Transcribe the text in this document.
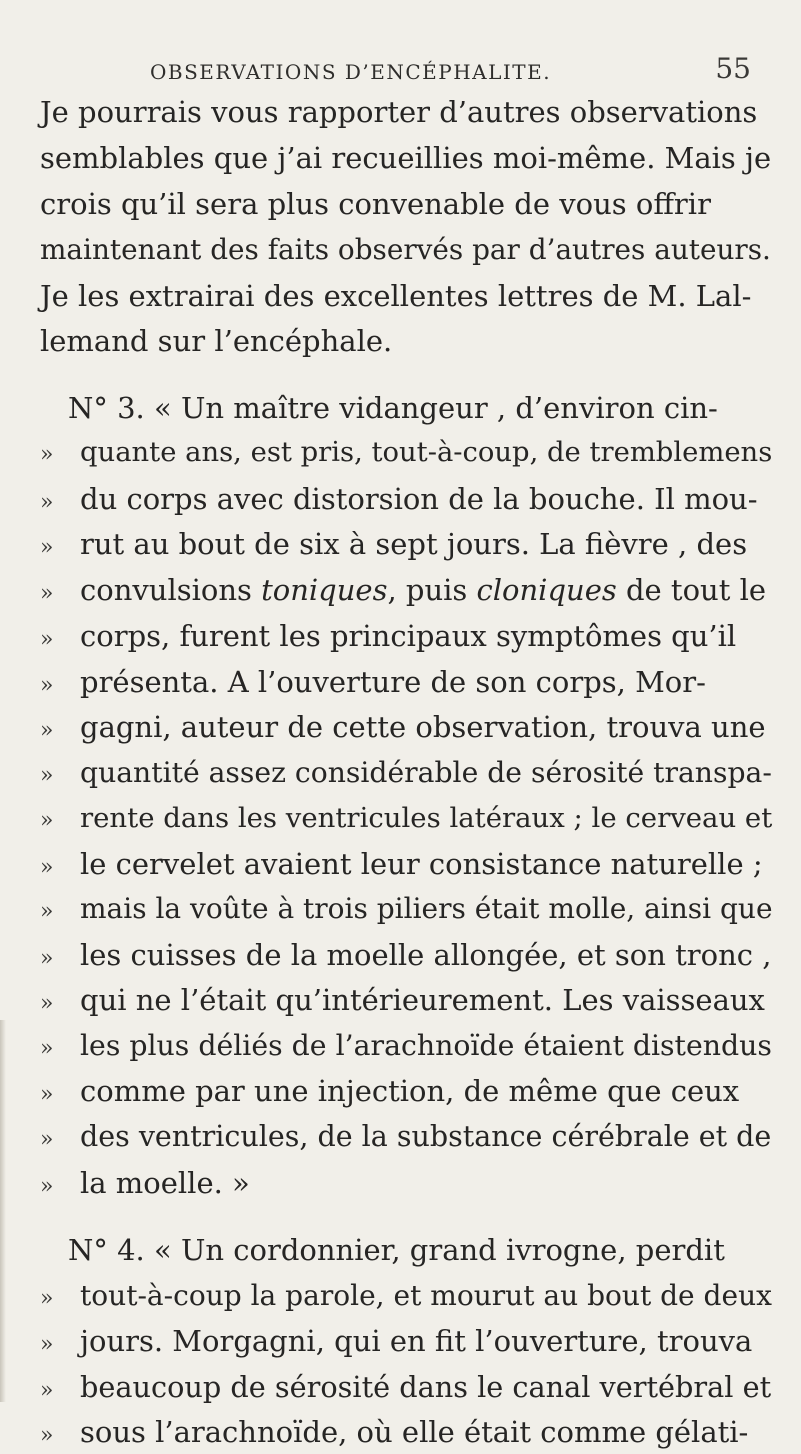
OBSERVATIONS D’ENCÉPHALITE.	55
Je pourrais vous rapporter d’autres observations
semblables que j’ai recueillies moi-même. Mais je
crois qu’il sera plus convenable de vous offrir
maintenant des faits observés par d’autres auteurs.
Je les extrairai des excellentes lettres de M. Lal-
lemand sur l’encéphale.
N° 3. « Un maître vidangeur , d’environ cin-
» quante ans, est pris, tout-à-coup, de tremblemens
» du corps avec distorsion de la bouche. Il mou-
» rut au bout de six à sept jours. La fièvre , des
» convulsions toniques, puis cloniques de tout le
» corps, furent les principaux symptômes qu’il
» présenta. A l’ouverture de son corps, Mor-
» gagni, auteur de cette observation, trouva une
» quantité assez considérable de sérosité transpa-
» rente dans les ventricules latéraux ; le cerveau et
» le cervelet avaient leur consistance naturelle ;
» mais la voûte à trois piliers était molle, ainsi que
» les cuisses de la moelle allongée, et son tronc ,
» qui ne l’était qu’intérieurement. Les vaisseaux
» les plus déliés de l’arachnoïde étaient distendus
» comme par une injection, de même que ceux
» des ventricules, de la substance cérébrale et de
» la moelle. »
N° 4. « Un cordonnier, grand ivrogne, perdit
» tout-à-coup la parole, et mourut au bout de deux
» jours. Morgagni, qui en fit l’ouverture, trouva
» beaucoup de sérosité dans le canal vertébral et
» sous l’arachnoïde, où elle était comme gélati-
